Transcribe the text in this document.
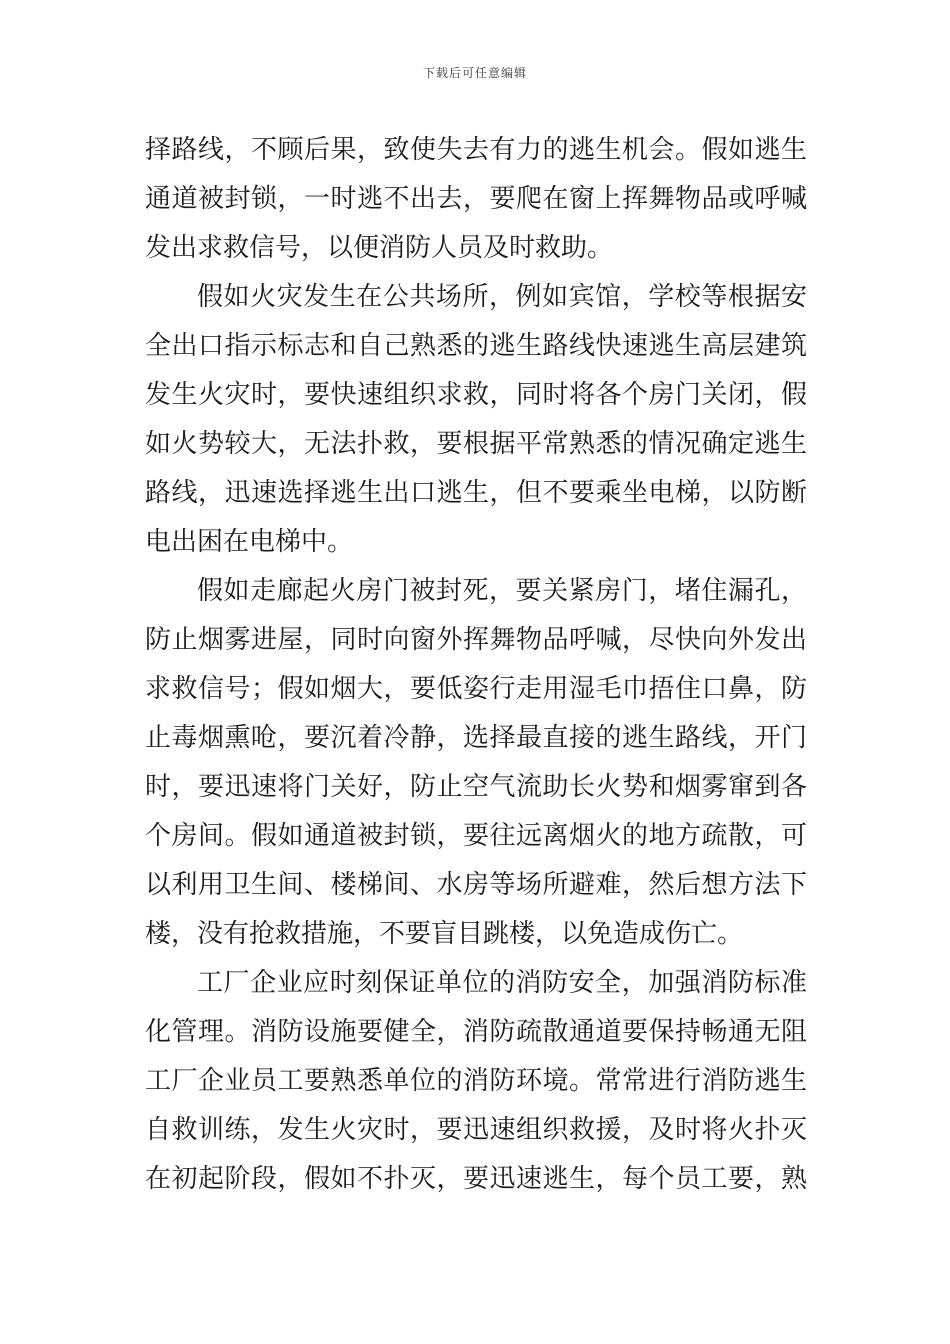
下载后可任意编辑
择路线，不顾后果，致使失去有力的逃生机会。假如逃生
通道被封锁，一时逃不出去，要爬在窗上挥舞物品或呼喊
发出求救信号，以便消防人员及时救助。
假如火灾发生在公共场所，例如宾馆，学校等根据安
全出口指示标志和自己熟悉的逃生路线快速逃生高层建筑
发生火灾时，要快速组织求救，同时将各个房门关闭，假
如火势较大，无法扑救，要根据平常熟悉的情况确定逃生
路线，迅速选择逃生出口逃生，但不要乘坐电梯，以防断
电出困在电梯中。
假如走廊起火房门被封死，要关紧房门，堵住漏孔，
防止烟雾进屋，同时向窗外挥舞物品呼喊，尽快向外发出
求救信号；假如烟大，要低姿行走用湿毛巾捂住口鼻，防
止毒烟熏呛，要沉着冷静，选择最直接的逃生路线，开门
时，要迅速将门关好，防止空气流助长火势和烟雾窜到各
个房间。假如通道被封锁，要往远离烟火的地方疏散，可
以利用卫生间、楼梯间、水房等场所避难，然后想方法下
楼，没有抢救措施，不要盲目跳楼，以免造成伤亡。
工厂企业应时刻保证单位的消防安全，加强消防标准
化管理。消防设施要健全，消防疏散通道要保持畅通无阻
工厂企业员工要熟悉单位的消防环境。常常进行消防逃生
自救训练，发生火灾时，要迅速组织救援，及时将火扑灭
在初起阶段，假如不扑灭，要迅速逃生，每个员工要，熟
